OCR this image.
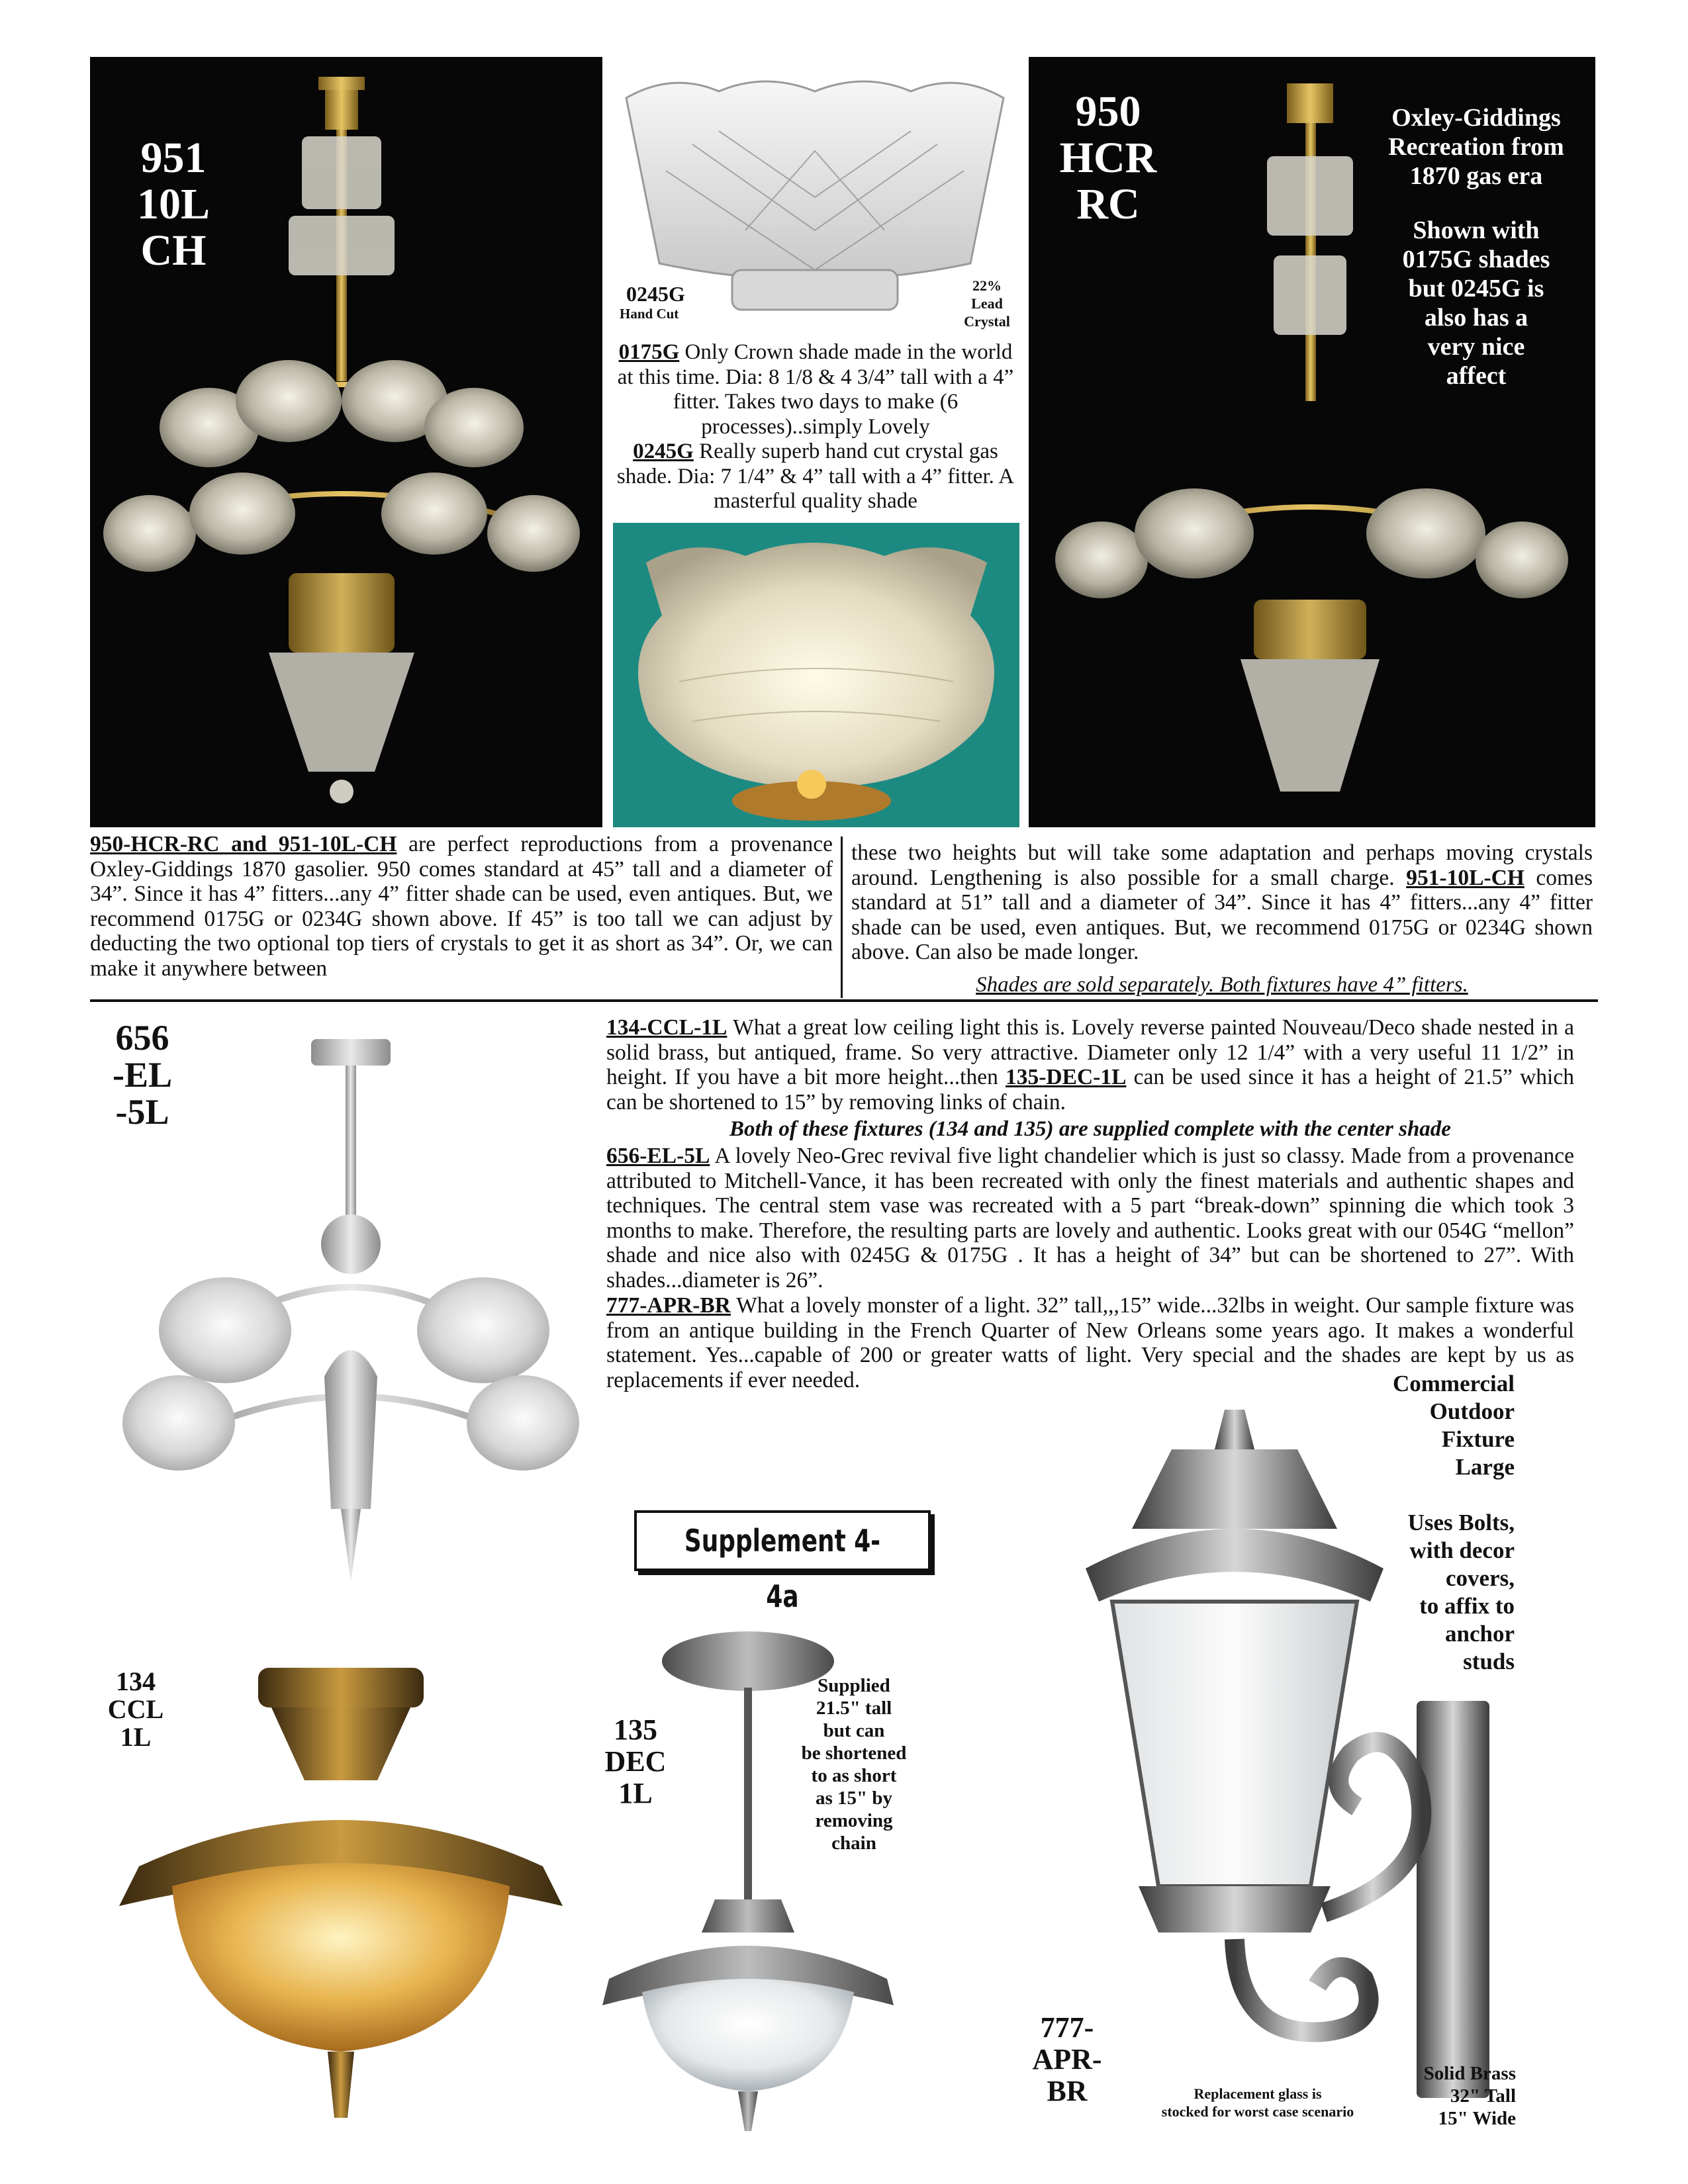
951
10L
CH
0245G
Hand Cut
22%
Lead
Crystal
0175G Only Crown shade made in the world at this time. Dia: 8 1/8 & 4 3/4” tall with a 4” fitter. Takes two days to make (6 processes)..simply Lovely
0245G Really superb hand cut crystal gas shade. Dia: 7 1/4” & 4” tall with a 4” fitter. A masterful quality shade
950
HCR
RC
Oxley-Giddings
Recreation from
1870 gas era
Shown with
0175G shades
but 0245G is
also has a
very nice
affect
950-HCR-RC and 951-10L-CH are perfect reproductions from a provenance Oxley-Giddings 1870 gasolier. 950 comes standard at 45” tall and a diameter of 34”. Since it has 4” fitters...any 4” fitter shade can be used, even antiques. But, we recommend 0175G or 0234G shown above. If 45” is too tall we can adjust by deducting the two optional top tiers of crystals to get it as short as 34”. Or, we can make it anywhere between
these two heights but will take some adaptation and perhaps moving crystals around. Lengthening is also possible for a small charge. 951-10L-CH comes standard at 51” tall and a diameter of 34”. Since it has 4” fitters...any 4” fitter shade can be used, even antiques. But, we recommend 0175G or 0234G shown above. Can also be made longer.
Shades are sold separately. Both fixtures have 4” fitters.
656
-EL
-5L
134-CCL-1L What a great low ceiling light this is. Lovely reverse painted Nouveau/Deco shade nested in a solid brass, but antiqued, frame. So very attractive. Diameter only 12 1/4” with a very useful 11 1/2” in height. If you have a bit more height...then 135-DEC-1L can be used since it has a height of 21.5” which can be shortened to 15” by removing links of chain.
Both of these fixtures (134 and 135) are supplied complete with the center shade
656-EL-5L A lovely Neo-Grec revival five light chandelier which is just so classy. Made from a provenance attributed to Mitchell-Vance, it has been recreated with only the finest materials and authentic shapes and techniques. The central stem vase was recreated with a 5 part “break-down” spinning die which took 3 months to make. Therefore, the resulting parts are lovely and authentic. Looks great with our 054G “mellon” shade and nice also with 0245G & 0175G . It has a height of 34” but can be shortened to 27”. With shades...diameter is 26”.
777-APR-BR What a lovely monster of a light. 32” tall,,,15” wide...32lbs in weight. Our sample fixture was from an antique building in the French Quarter of New Orleans some years ago. It makes a wonderful statement. Yes...capable of 200 or greater watts of light. Very special and the shades are kept by us as replacements if ever needed.
Supplement 4-4a
134
CCL
1L	135
DEC
1L
Supplied
21.5" tall
but can
be shortened
to as short
as 15" by
removing
chain
Commercial
Outdoor
Fixture
Large
Uses Bolts,
with decor
covers,
to affix to
anchor
studs
777-
APR-
BR	Replacement glass is
stocked for worst case scenario
Solid Brass
32" Tall
15" Wide
